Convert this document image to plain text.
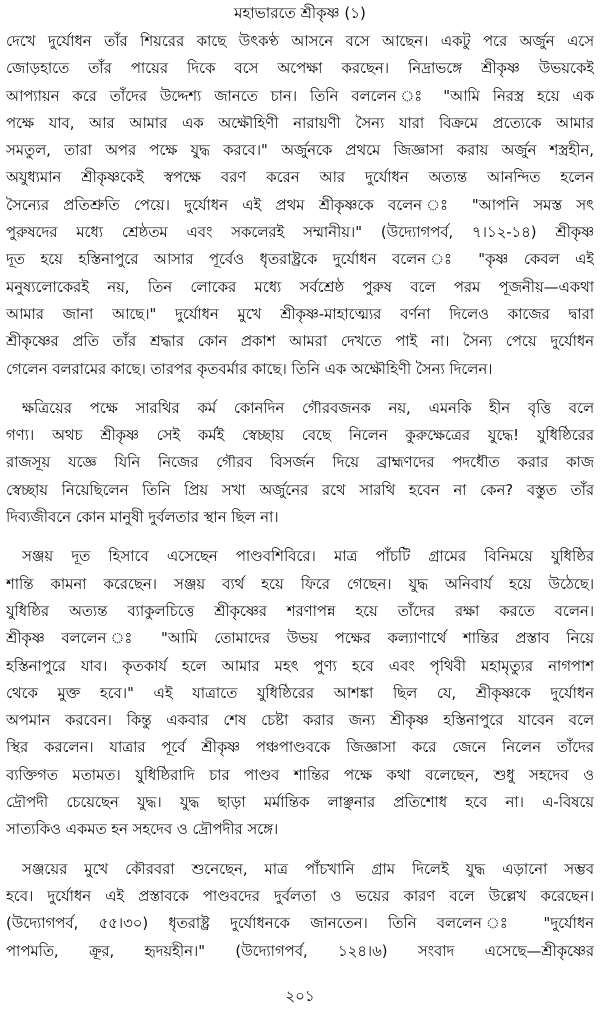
মহাভারতে শ্রীকৃষ্ণ (১)
দেখে দুর্যোধন তাঁর শিয়রের কাছে উৎকণ্ঠ আসনে বসে আছেন। একটু পরে অর্জুন এসে
জোড়হাতে তাঁর পায়ের দিকে বসে অপেক্ষা করছেন। নিদ্রাভঙ্গে শ্রীকৃষ্ণ উভয়কেই
আপ্যায়ন করে তাঁদের উদ্দেশ্য জানতে চান। তিনি বললেন ঃ "আমি নিরস্ত্র হয়ে এক
পক্ষে যাব, আর আমার এক অক্ষৌহিণী নারায়ণী সৈন্য যারা বিক্রমে প্রত্যেকে আমার
সমতুল, তারা অপর পক্ষে যুদ্ধ করবে।" অর্জুনকে প্রথমে জিজ্ঞাসা করায় অর্জুন শস্ত্রহীন,
অযুধ্যমান শ্রীকৃষ্ণকেই স্বপক্ষে বরণ করেন আর দুর্যোধন অত্যন্ত আনন্দিত হলেন
সৈন্যের প্রতিশ্রুতি পেয়ে। দুর্যোধন এই প্রথম শ্রীকৃষ্ণকে বলেন ঃ "আপনি সমস্ত সৎ
পুরুষদের মধ্যে শ্রেষ্ঠতম এবং সকলেরই সম্মানীয়।" (উদ্যোগপর্ব, ৭।১২-১৪) শ্রীকৃষ্ণ
দূত হয়ে হস্তিনাপুরে আসার পূর্বেও ধৃতরাষ্ট্রকে দুর্যোধন বলেন ঃ "কৃষ্ণ কেবল এই
মনুষ্যলোকেরই নয়, তিন লোকের মধ্যে সর্বশ্রেষ্ঠ পুরুষ বলে পরম পূজনীয়—একথা
আমার জানা আছে।" দুর্যোধন মুখে শ্রীকৃষ্ণ-মাহাত্ম্যের বর্ণনা দিলেও কাজের দ্বারা
শ্রীকৃষ্ণের প্রতি তাঁর শ্রদ্ধার কোন প্রকাশ আমরা দেখতে পাই না। সৈন্য পেয়ে দুর্যোধন
গেলেন বলরামের কাছে। তারপর কৃতবর্মার কাছে। তিনি এক অক্ষৌহিণী সৈন্য দিলেন।
ক্ষত্রিয়ের পক্ষে সারথির কর্ম কোনদিন গৌরবজনক নয়, এমনকি হীন বৃত্তি বলে
গণ্য। অথচ শ্রীকৃষ্ণ সেই কর্মই স্বেচ্ছায় বেছে নিলেন কুরুক্ষেত্রের যুদ্ধে! যুধিষ্ঠিরের
রাজসূয় যজ্ঞে যিনি নিজের গৌরব বিসর্জন দিয়ে ব্রাহ্মণদের পদধৌত করার কাজ
স্বেচ্ছায় নিয়েছিলেন তিনি প্রিয় সখা অর্জুনের রথে সারথি হবেন না কেন? বস্তুত তাঁর
দিব্যজীবনে কোন মানুষী দুর্বলতার স্থান ছিল না।
সঞ্জয় দূত হিসাবে এসেছেন পাণ্ডবশিবিরে। মাত্র পাঁচটি গ্রামের বিনিময়ে যুধিষ্ঠির
শান্তি কামনা করেছেন। সঞ্জয় ব্যর্থ হয়ে ফিরে গেছেন। যুদ্ধ অনিবার্য হয়ে উঠেছে।
যুধিষ্ঠির অত্যন্ত ব্যাকুলচিত্তে শ্রীকৃষ্ণের শরণাপন্ন হয়ে তাঁদের রক্ষা করতে বলেন।
শ্রীকৃষ্ণ বললেন ঃ "আমি তোমাদের উভয় পক্ষের কল্যাণার্থে শান্তির প্রস্তাব নিয়ে
হস্তিনাপুরে যাব। কৃতকার্য হলে আমার মহৎ পুণ্য হবে এবং পৃথিবী মহামৃত্যুর নাগপাশ
থেকে মুক্ত হবে।" এই যাত্রাতে যুধিষ্ঠিরের আশঙ্কা ছিল যে, শ্রীকৃষ্ণকে দুর্যোধন
অপমান করবেন। কিন্তু একবার শেষ চেষ্টা করার জন্য শ্রীকৃষ্ণ হস্তিনাপুরে যাবেন বলে
স্থির করলেন। যাত্রার পূর্বে শ্রীকৃষ্ণ পঞ্চপাণ্ডবকে জিজ্ঞাসা করে জেনে নিলেন তাঁদের
ব্যক্তিগত মতামত। যুধিষ্ঠিরাদি চার পাণ্ডব শান্তির পক্ষে কথা বলেছেন, শুধু সহদেব ও
দ্রৌপদী চেয়েছেন যুদ্ধ। যুদ্ধ ছাড়া মর্মান্তিক লাঞ্ছনার প্রতিশোধ হবে না। এ-বিষয়ে
সাত্যকিও একমত হন সহদেব ও দ্রৌপদীর সঙ্গে।
সঞ্জয়ের মুখে কৌরবরা শুনেছেন, মাত্র পাঁচখানি গ্রাম দিলেই যুদ্ধ এড়ানো সম্ভব
হবে। দুর্যোধন এই প্রস্তাবকে পাণ্ডবদের দুর্বলতা ও ভয়ের কারণ বলে উল্লেখ করেছেন।
(উদ্যোগপর্ব, ৫৫।৩০) ধৃতরাষ্ট্র দুর্যোধনকে জানতেন। তিনি বললেন ঃ "দুর্যোধন
পাপমতি, ক্রূর, হৃদয়হীন।" (উদ্যোগপর্ব, ১২৪।৬) সংবাদ এসেছে—শ্রীকৃষ্ণের
২০১
